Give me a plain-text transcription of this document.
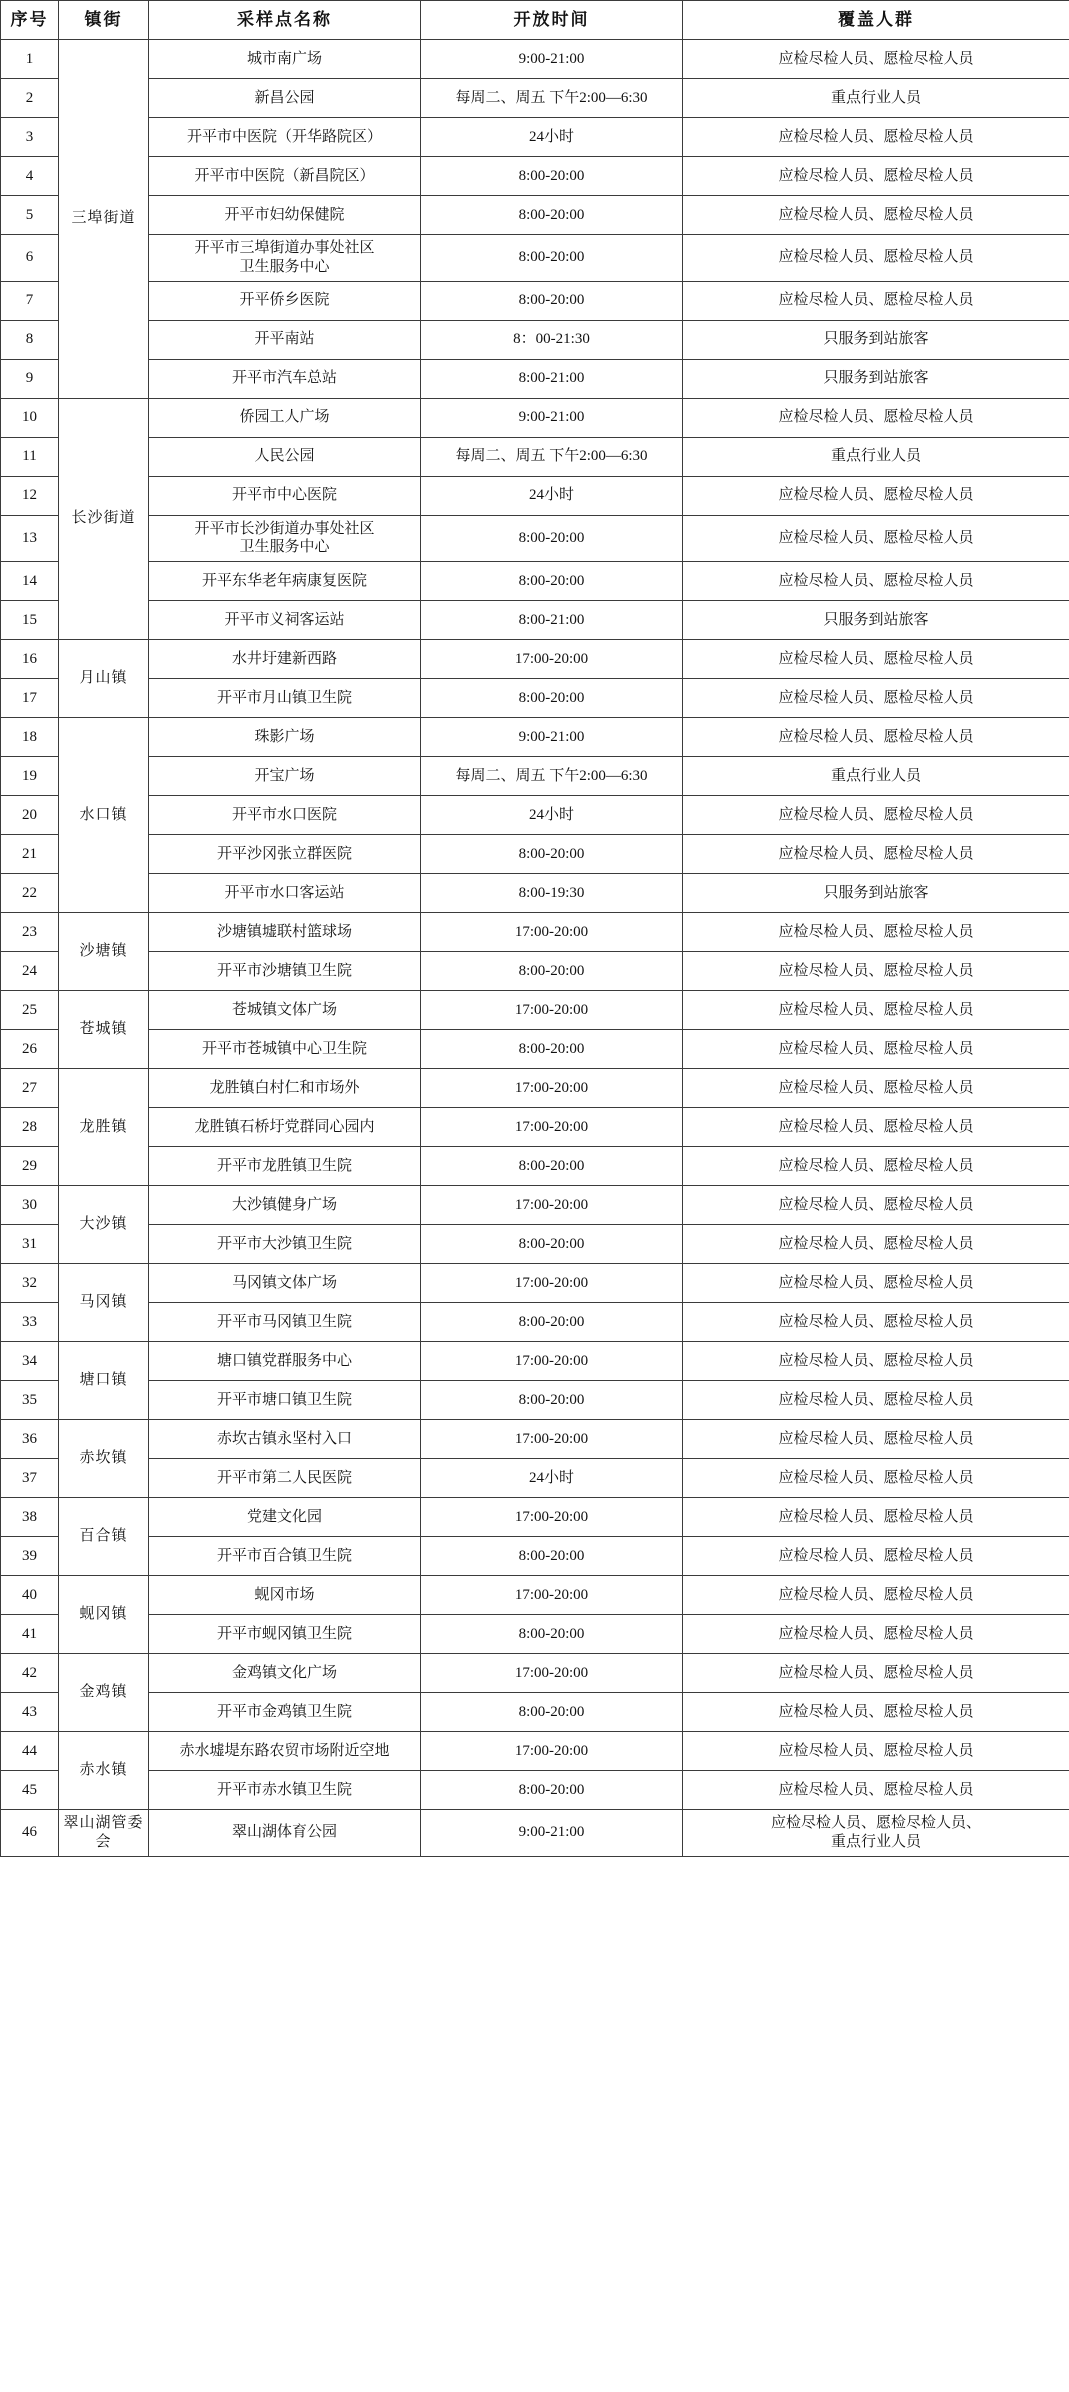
序号	镇街	采样点名称	开放时间	覆盖人群
1	三埠街道	城市南广场	9:00-21:00	应检尽检人员、愿检尽检人员
2		新昌公园	每周二、周五 下午2:00—6:30	重点行业人员
3		开平市中医院（开华路院区）	24小时	应检尽检人员、愿检尽检人员
4		开平市中医院（新昌院区）	8:00-20:00	应检尽检人员、愿检尽检人员
5		开平市妇幼保健院	8:00-20:00	应检尽检人员、愿检尽检人员
6		开平市三埠街道办事处社区
卫生服务中心	8:00-20:00	应检尽检人员、愿检尽检人员
7		开平侨乡医院	8:00-20:00	应检尽检人员、愿检尽检人员
8		开平南站	8：00-21:30	只服务到站旅客
9		开平市汽车总站	8:00-21:00	只服务到站旅客
10	长沙街道	侨园工人广场	9:00-21:00	应检尽检人员、愿检尽检人员
11		人民公园	每周二、周五 下午2:00—6:30	重点行业人员
12		开平市中心医院	24小时	应检尽检人员、愿检尽检人员
13		开平市长沙街道办事处社区
卫生服务中心	8:00-20:00	应检尽检人员、愿检尽检人员
14		开平东华老年病康复医院	8:00-20:00	应检尽检人员、愿检尽检人员
15		开平市义祠客运站	8:00-21:00	只服务到站旅客
16	月山镇	水井圩建新西路	17:00-20:00	应检尽检人员、愿检尽检人员
17		开平市月山镇卫生院	8:00-20:00	应检尽检人员、愿检尽检人员
18	水口镇	珠影广场	9:00-21:00	应检尽检人员、愿检尽检人员
19		开宝广场	每周二、周五 下午2:00—6:30	重点行业人员
20		开平市水口医院	24小时	应检尽检人员、愿检尽检人员
21		开平沙冈张立群医院	8:00-20:00	应检尽检人员、愿检尽检人员
22		开平市水口客运站	8:00-19:30	只服务到站旅客
23	沙塘镇	沙塘镇墟联村篮球场	17:00-20:00	应检尽检人员、愿检尽检人员
24		开平市沙塘镇卫生院	8:00-20:00	应检尽检人员、愿检尽检人员
25	苍城镇	苍城镇文体广场	17:00-20:00	应检尽检人员、愿检尽检人员
26		开平市苍城镇中心卫生院	8:00-20:00	应检尽检人员、愿检尽检人员
27	龙胜镇	龙胜镇白村仁和市场外	17:00-20:00	应检尽检人员、愿检尽检人员
28		龙胜镇石桥圩党群同心园内	17:00-20:00	应检尽检人员、愿检尽检人员
29		开平市龙胜镇卫生院	8:00-20:00	应检尽检人员、愿检尽检人员
30	大沙镇	大沙镇健身广场	17:00-20:00	应检尽检人员、愿检尽检人员
31		开平市大沙镇卫生院	8:00-20:00	应检尽检人员、愿检尽检人员
32	马冈镇	马冈镇文体广场	17:00-20:00	应检尽检人员、愿检尽检人员
33		开平市马冈镇卫生院	8:00-20:00	应检尽检人员、愿检尽检人员
34	塘口镇	塘口镇党群服务中心	17:00-20:00	应检尽检人员、愿检尽检人员
35		开平市塘口镇卫生院	8:00-20:00	应检尽检人员、愿检尽检人员
36	赤坎镇	赤坎古镇永坚村入口	17:00-20:00	应检尽检人员、愿检尽检人员
37		开平市第二人民医院	24小时	应检尽检人员、愿检尽检人员
38	百合镇	党建文化园	17:00-20:00	应检尽检人员、愿检尽检人员
39		开平市百合镇卫生院	8:00-20:00	应检尽检人员、愿检尽检人员
40	蚬冈镇	蚬冈市场	17:00-20:00	应检尽检人员、愿检尽检人员
41		开平市蚬冈镇卫生院	8:00-20:00	应检尽检人员、愿检尽检人员
42	金鸡镇	金鸡镇文化广场	17:00-20:00	应检尽检人员、愿检尽检人员
43		开平市金鸡镇卫生院	8:00-20:00	应检尽检人员、愿检尽检人员
44	赤水镇	赤水墟堤东路农贸市场附近空地	17:00-20:00	应检尽检人员、愿检尽检人员
45		开平市赤水镇卫生院	8:00-20:00	应检尽检人员、愿检尽检人员
46	翠山湖管委会	翠山湖体育公园	9:00-21:00	应检尽检人员、愿检尽检人员、
重点行业人员
